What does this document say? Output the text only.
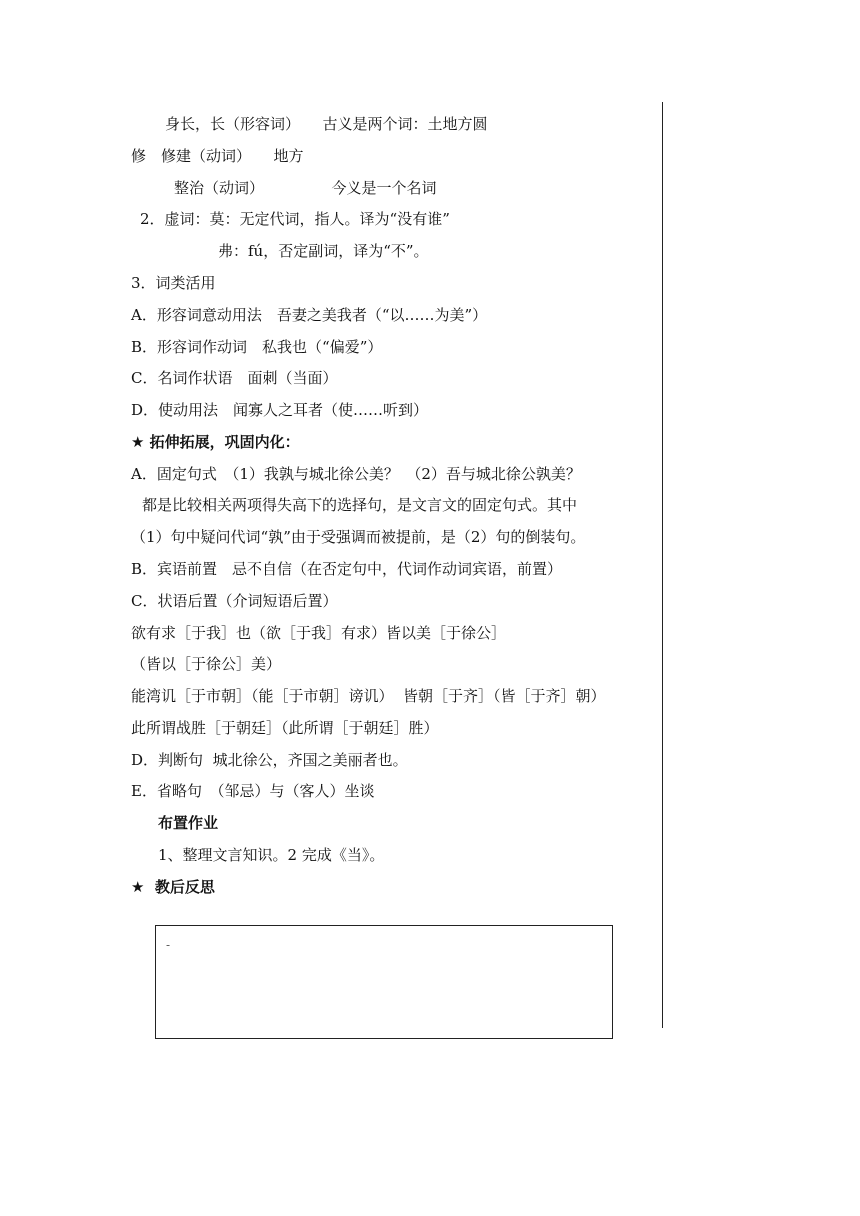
身长，长（形容词）　　古义是两个词：土地方圆
修　修建（动词）　　地方
整治（动词）　　　　　今义是一个名词
2．虚词：莫：无定代词，指人。译为“没有谁”
弗：fú，否定副词，译为“不”。
3．词类活用
A．形容词意动用法　吾妻之美我者（“以……为美”）
B．形容词作动词　私我也（“偏爱”）
C．名词作状语　面刺（当面）
D．使动用法　闻寡人之耳者（使……听到）
★ 拓伸拓展，巩固内化：
A．固定句式　（1）我孰与城北徐公美？　（2）吾与城北徐公孰美？
都是比较相关两项得失高下的选择句，是文言文的固定句式。其中
（1）句中疑问代词“孰”由于受强调而被提前，是（2）句的倒装句。
B．宾语前置　忌不自信（在否定句中，代词作动词宾语，前置）
C．状语后置（介词短语后置）
欲有求［于我］也（欲［于我］有求）皆以美［于徐公］
（皆以［于徐公］美）
能湾讥［于市朝］（能［于市朝］谤讥）  皆朝［于齐］（皆［于齐］朝）
此所谓战胜［于朝廷］（此所谓［于朝廷］胜）
D．判断句  城北徐公，齐国之美丽者也。
E．省略句　（邹忌）与（客人）坐谈
布置作业
1、整理文言知识。2 完成《当》。
★  教后反思
-
